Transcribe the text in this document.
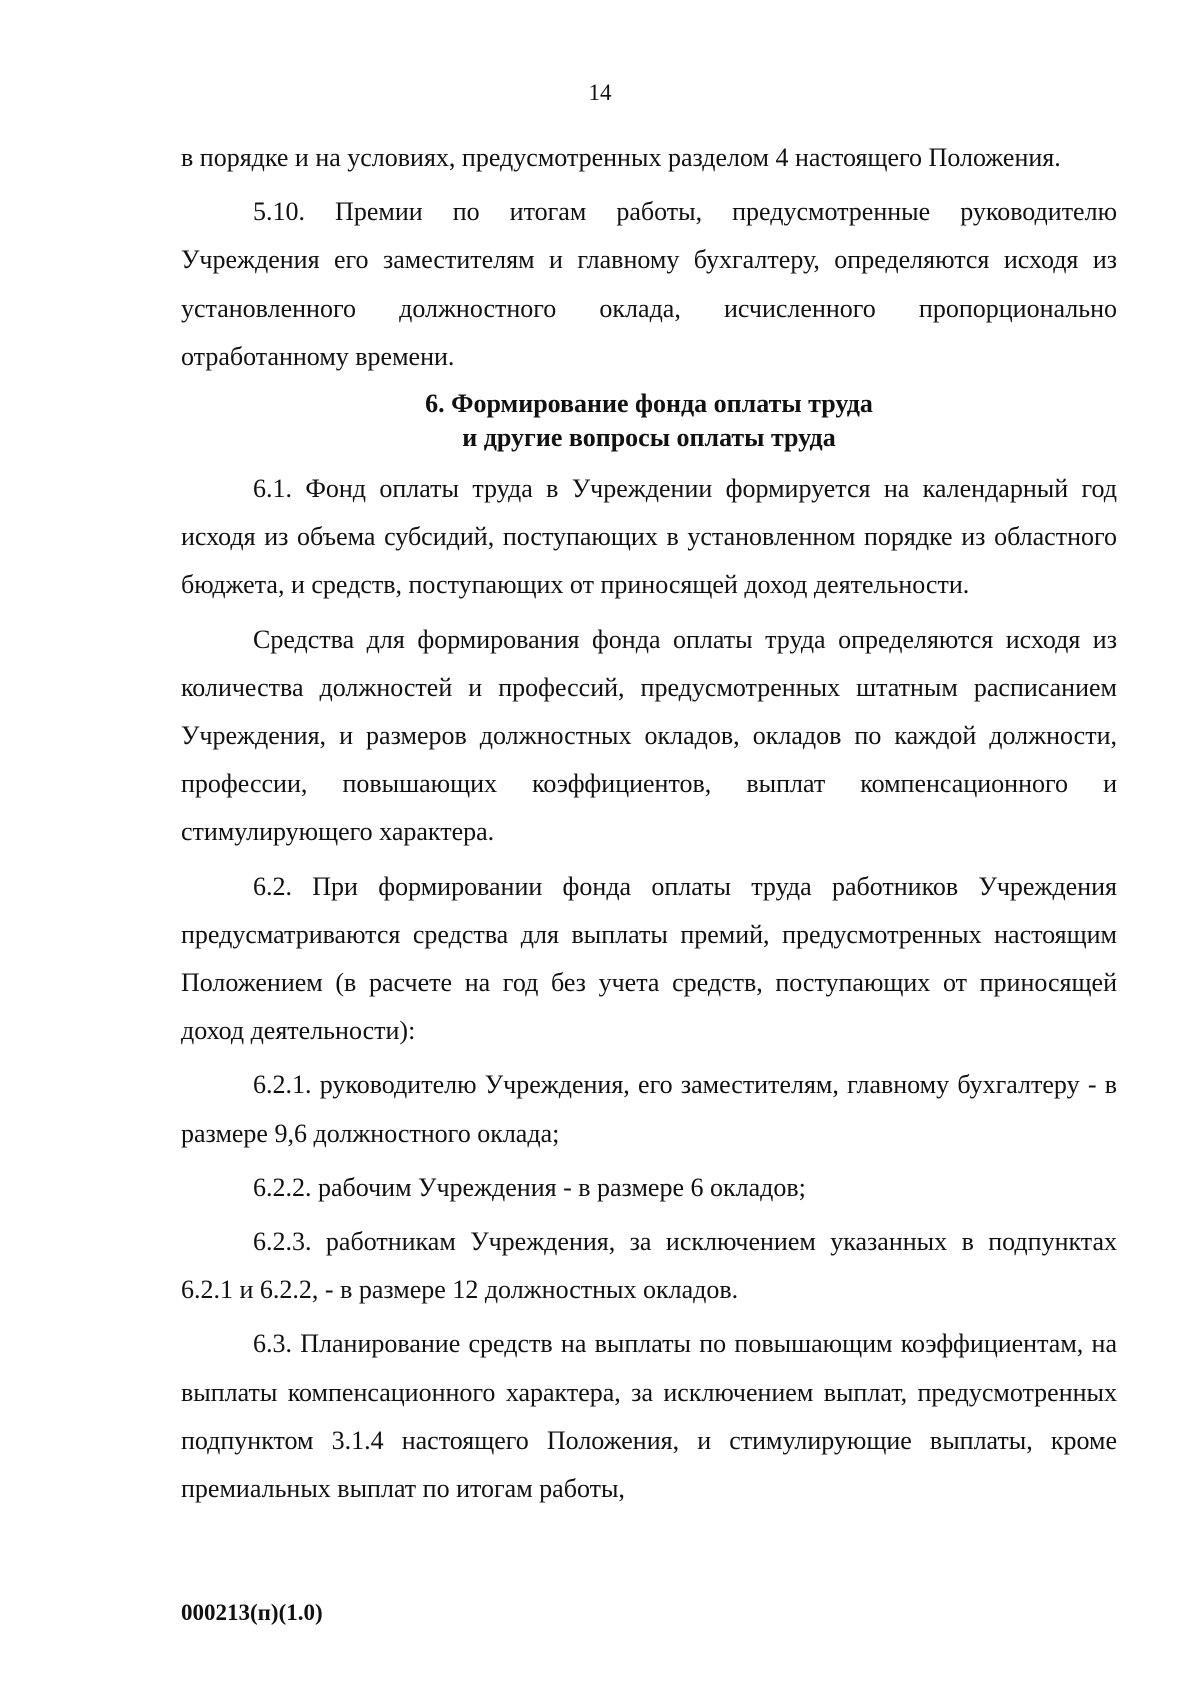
14

в порядке и на условиях, предусмотренных разделом 4 настоящего Положения.

5.10. Премии по итогам работы, предусмотренные руководителю Учреждения его заместителям и главному бухгалтеру, определяются исходя из установленного должностного оклада, исчисленного пропорционально отработанному времени.

6. Формирование фонда оплаты труда
и другие вопросы оплаты труда

6.1. Фонд оплаты труда в Учреждении формируется на календарный год исходя из объема субсидий, поступающих в установленном порядке из областного бюджета, и средств, поступающих от приносящей доход деятельности.

Средства для формирования фонда оплаты труда определяются исходя из количества должностей и профессий, предусмотренных штатным расписанием Учреждения, и размеров должностных окладов, окладов по каждой должности, профессии, повышающих коэффициентов, выплат компенсационного и стимулирующего характера.

6.2. При формировании фонда оплаты труда работников Учреждения предусматриваются средства для выплаты премий, предусмотренных настоящим Положением (в расчете на год без учета средств, поступающих от приносящей доход деятельности):

6.2.1. руководителю Учреждения, его заместителям, главному бухгалтеру - в размере 9,6 должностного оклада;

6.2.2. рабочим Учреждения - в размере 6 окладов;

6.2.3. работникам Учреждения, за исключением указанных в подпунктах 6.2.1 и 6.2.2, - в размере 12 должностных окладов.

6.3. Планирование средств на выплаты по повышающим коэффициентам, на выплаты компенсационного характера, за исключением выплат, предусмотренных подпунктом 3.1.4 настоящего Положения, и стимулирующие выплаты, кроме премиальных выплат по итогам работы,

000213(п)(1.0)
